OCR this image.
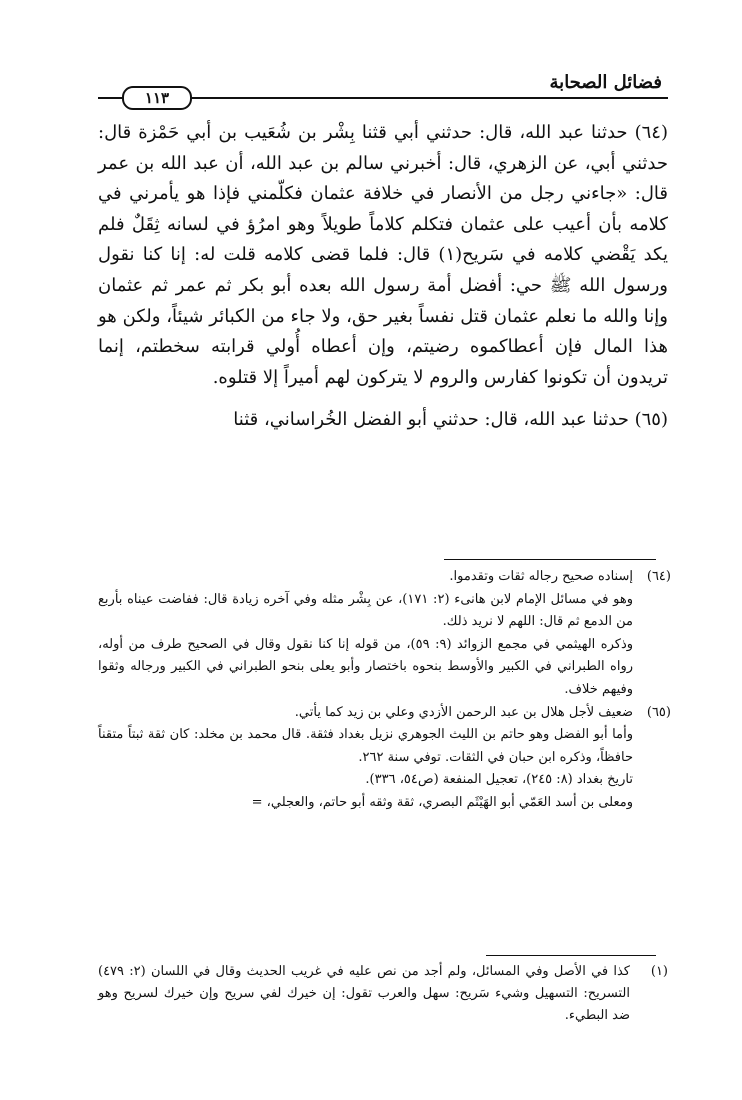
فضائل الصحابة
١١٣

(٦٤) حدثنا عبد الله، قال: حدثني أبي قثنا بِشْر بن شُعَيب بن أبي حَمْزة قال: حدثني أبي، عن الزهري، قال: أخبرني سالم بن عبد الله، أن عبد الله بن عمر قال: «جاءني رجل من الأنصار في خلافة عثمان فكلّمني فإذا هو يأمرني في كلامه بأن أعيب على عثمان فتكلم كلاماً طويلاً وهو امرُؤ في لسانه ثِقَلٌ فلم يكد يَقْضي كلامه في سَريح(١) قال: فلما قضى كلامه قلت له: إنا كنا نقول ورسول الله ﷺ حي: أفضل أمة رسول الله بعده أبو بكر ثم عمر ثم عثمان وإنا والله ما نعلم عثمان قتل نفساً بغير حق، ولا جاء من الكبائر شيئاً، ولكن هو هذا المال فإن أعطاكموه رضيتم، وإن أعطاه أُولي قرابته سخطتم، إنما تريدون أن تكونوا كفارس والروم لا يتركون لهم أميراً إلا قتلوه.

(٦٥) حدثنا عبد الله، قال: حدثني أبو الفضل الخُراساني، قثنا

(٦٤)
إسناده صحيح رجاله ثقات وتقدموا.
وهو في مسائل الإمام لابن هانىء (٢: ١٧١)، عن بِشْر مثله وفي آخره زيادة قال: ففاضت عيناه بأربع من الدمع ثم قال: اللهم لا نريد ذلك.
وذكره الهيثمي في مجمع الزوائد (٩: ٥٩)، من قوله إنا كنا نقول وقال في الصحيح طرف من أوله، رواه الطبراني في الكبير والأوسط بنحوه باختصار وأبو يعلى بنحو الطبراني في الكبير ورجاله وثقوا وفيهم خلاف.
(٦٥)
ضعيف لأجل هلال بن عبد الرحمن الأزدي وعلي بن زيد كما يأتي.
وأما أبو الفضل وهو حاتم بن الليث الجوهري نزيل بغداد فثقة. قال محمد بن مخلد: كان ثقة ثبتاً متقناً حافظاً، وذكره ابن حبان في الثقات. توفي سنة ٢٦٢.
تاريخ بغداد (٨: ٢٤٥)، تعجيل المنفعة (ص٥٤، ٣٣٦).
ومعلى بن أسد العَمّي أبو الهَيْثَم البصري، ثقة وثقه أبو حاتم، والعجلي، =
(١)
كذا في الأصل وفي المسائل، ولم أجد من نص عليه في غريب الحديث وقال في اللسان (٢: ٤٧٩) التسريح: التسهيل وشيء سَريح: سهل والعرب تقول: إن خيرك لفي سريح وإن خيرك لسريح وهو ضد البطيء.
